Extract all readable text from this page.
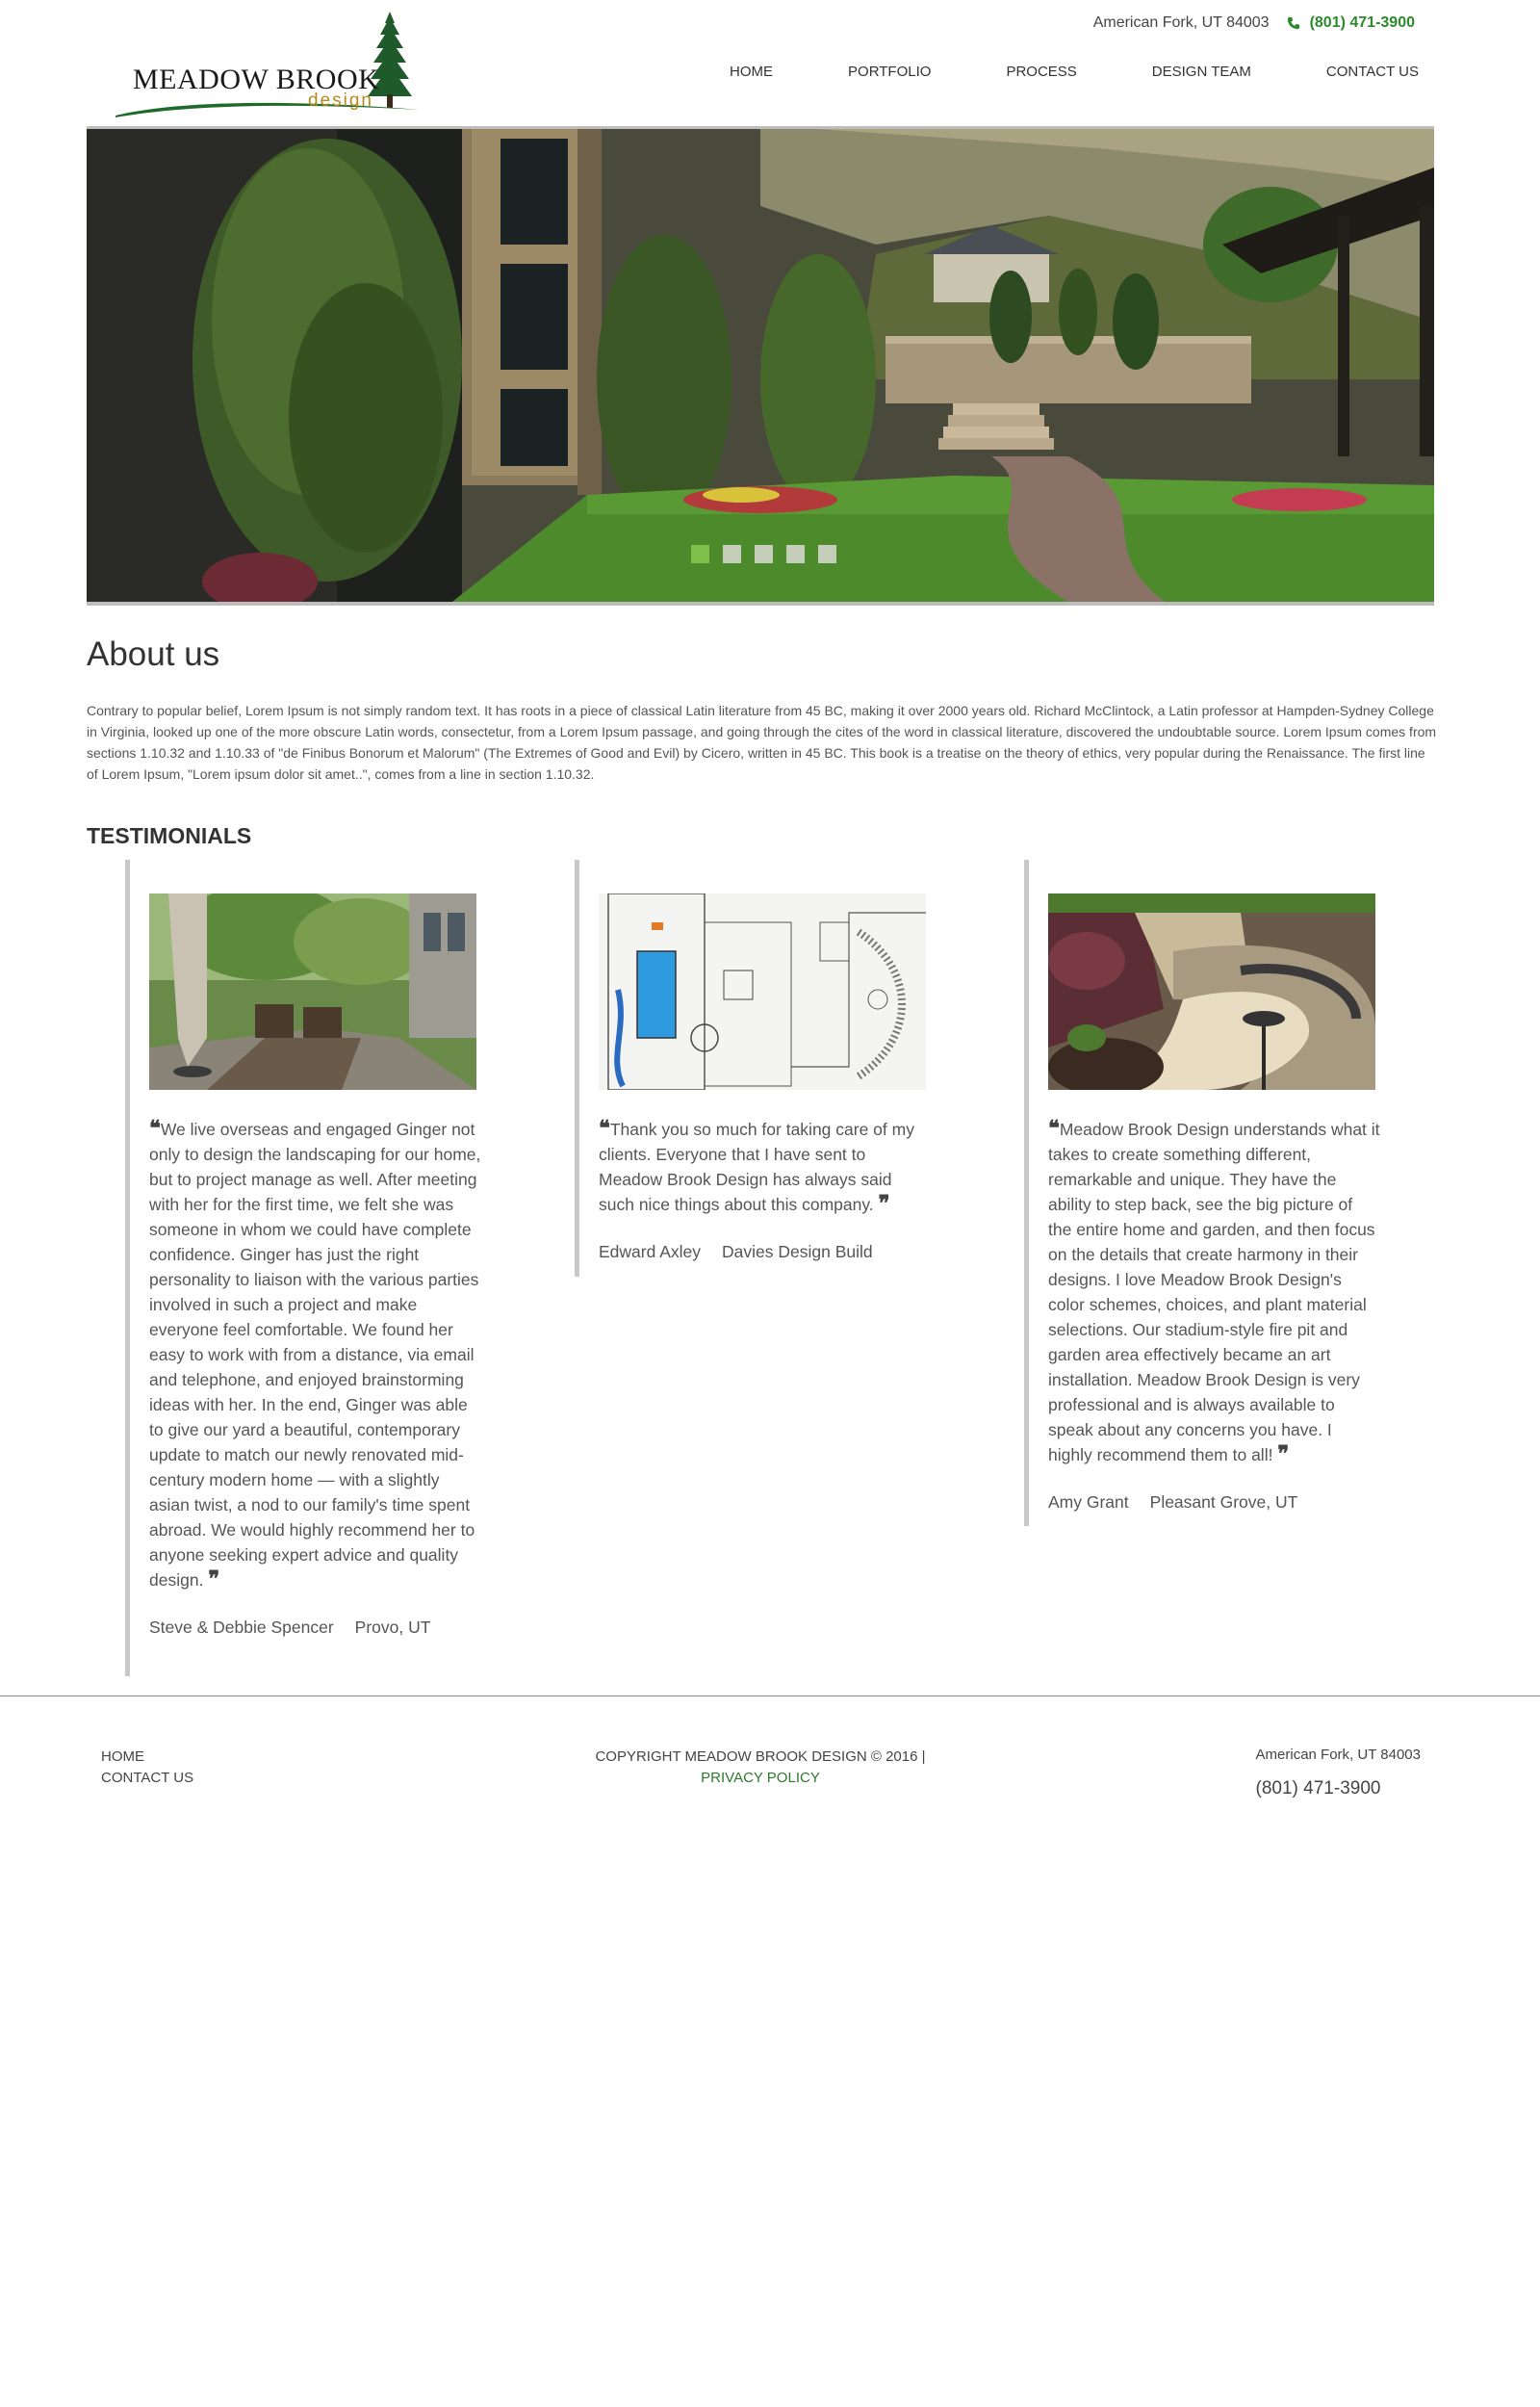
MEADOW BROOK
design
American Fork, UT 84003	(801) 471-3900
HOME	PORTFOLIO	PROCESS	DESIGN TEAM	CONTACT US
About us

Contrary to popular belief, Lorem Ipsum is not simply random text. It has roots in a piece of classical Latin literature from 45 BC, making it over 2000 years old. Richard McClintock, a Latin professor at Hampden-Sydney College in Virginia, looked up one of the more obscure Latin words, consectetur, from a Lorem Ipsum passage, and going through the cites of the word in classical literature, discovered the undoubtable source. Lorem Ipsum comes from sections 1.10.32 and 1.10.33 of "de Finibus Bonorum et Malorum" (The Extremes of Good and Evil) by Cicero, written in 45 BC. This book is a treatise on the theory of ethics, very popular during the Renaissance. The first line of Lorem Ipsum, "Lorem ipsum dolor sit amet..", comes from a line in section 1.10.32.

TESTIMONIALS

❝We live overseas and engaged Ginger not only to design the landscaping for our home, but to project manage as well. After meeting with her for the first time, we felt she was someone in whom we could have complete confidence. Ginger has just the right personality to liaison with the various parties involved in such a project and make everyone feel comfortable. We found her easy to work with from a distance, via email and telephone, and enjoyed brainstorming ideas with her. In the end, Ginger was able to give our yard a beautiful, contemporary update to match our newly renovated mid-century modern home — with a slightly asian twist, a nod to our family's time spent abroad. We would highly recommend her to anyone seeking expert advice and quality design. ❞

Steve & Debbie Spencer Provo, UT

❝Thank you so much for taking care of my clients. Everyone that I have sent to Meadow Brook Design has always said such nice things about this company. ❞

Edward Axley Davies Design Build

❝Meadow Brook Design understands what it takes to create something different, remarkable and unique. They have the ability to step back, see the big picture of the entire home and garden, and then focus on the details that create harmony in their designs. I love Meadow Brook Design's color schemes, choices, and plant material selections. Our stadium-style fire pit and garden area effectively became an art installation. Meadow Brook Design is very professional and is always available to speak about any concerns you have. I highly recommend them to all! ❞

Amy Grant Pleasant Grove, UT

HOME
CONTACT US
COPYRIGHT MEADOW BROOK DESIGN © 2016 |
PRIVACY POLICY
American Fork, UT 84003
(801) 471-3900
